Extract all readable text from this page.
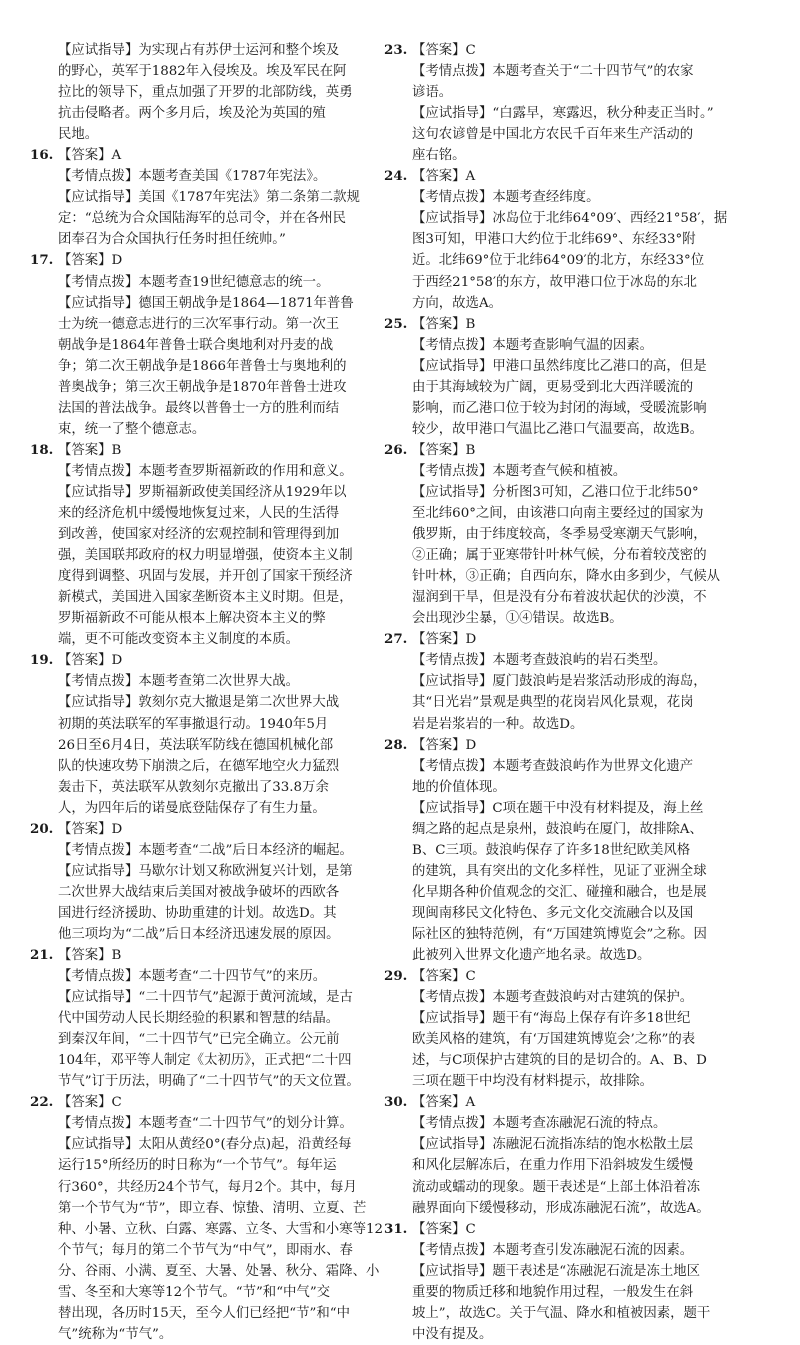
【应试指导】为实现占有苏伊士运河和整个埃及
的野心，英军于1882年入侵埃及。埃及军民在阿
拉比的领导下，重点加强了开罗的北部防线，英勇
抗击侵略者。两个多月后，埃及沦为英国的殖
民地。
16. 【答案】A
【考情点拨】本题考查美国《1787年宪法》。
【应试指导】美国《1787年宪法》第二条第二款规
定：“总统为合众国陆海军的总司令，并在各州民
团奉召为合众国执行任务时担任统帅。”
17. 【答案】D
【考情点拨】本题考查19世纪德意志的统一。
【应试指导】德国王朝战争是1864—1871年普鲁
士为统一德意志进行的三次军事行动。第一次王
朝战争是1864年普鲁士联合奥地利对丹麦的战
争；第二次王朝战争是1866年普鲁士与奥地利的
普奥战争；第三次王朝战争是1870年普鲁士进攻
法国的普法战争。最终以普鲁士一方的胜利而结
束，统一了整个德意志。
18. 【答案】B
【考情点拨】本题考查罗斯福新政的作用和意义。
【应试指导】罗斯福新政使美国经济从1929年以
来的经济危机中缓慢地恢复过来，人民的生活得
到改善，使国家对经济的宏观控制和管理得到加
强，美国联邦政府的权力明显增强，使资本主义制
度得到调整、巩固与发展，并开创了国家干预经济
新模式，美国进入国家垄断资本主义时期。但是，
罗斯福新政不可能从根本上解决资本主义的弊
端，更不可能改变资本主义制度的本质。
19. 【答案】D
【考情点拨】本题考查第二次世界大战。
【应试指导】敦刻尔克大撤退是第二次世界大战
初期的英法联军的军事撤退行动。1940年5月
26日至6月4日，英法联军防线在德国机械化部
队的快速攻势下崩溃之后，在德军地空火力猛烈
轰击下，英法联军从敦刻尔克撤出了33.8万余
人，为四年后的诺曼底登陆保存了有生力量。
20. 【答案】D
【考情点拨】本题考查“二战”后日本经济的崛起。
【应试指导】马歇尔计划又称欧洲复兴计划，是第
二次世界大战结束后美国对被战争破坏的西欧各
国进行经济援助、协助重建的计划。故选D。其
他三项均为“二战”后日本经济迅速发展的原因。
21. 【答案】B
【考情点拨】本题考查“二十四节气”的来历。
【应试指导】“二十四节气”起源于黄河流域，是古
代中国劳动人民长期经验的积累和智慧的结晶。
到秦汉年间，“二十四节气”已完全确立。公元前
104年，邓平等人制定《太初历》，正式把“二十四
节气”订于历法，明确了“二十四节气”的天文位置。
22. 【答案】C
【考情点拨】本题考查“二十四节气”的划分计算。
【应试指导】太阳从黄经0°(春分点)起，沿黄经每
运行15°所经历的时日称为“一个节气”。每年运
行360°，共经历24个节气，每月2个。其中，每月
第一个节气为“节”，即立春、惊蛰、清明、立夏、芒
种、小暑、立秋、白露、寒露、立冬、大雪和小寒等12
个节气；每月的第二个节气为“中气”，即雨水、春
分、谷雨、小满、夏至、大暑、处暑、秋分、霜降、小
雪、冬至和大寒等12个节气。“节”和“中气”交
替出现，各历时15天，至今人们已经把“节”和“中
气”统称为“节气”。
23. 【答案】C
【考情点拨】本题考查关于“二十四节气”的农家
谚语。
【应试指导】“白露早，寒露迟，秋分种麦正当时。”
这句农谚曾是中国北方农民千百年来生产活动的
座右铭。
24. 【答案】A
【考情点拨】本题考查经纬度。
【应试指导】冰岛位于北纬64°09′、西经21°58′，据
图3可知，甲港口大约位于北纬69°、东经33°附
近。北纬69°位于北纬64°09′的北方，东经33°位
于西经21°58′的东方，故甲港口位于冰岛的东北
方向，故选A。
25. 【答案】B
【考情点拨】本题考查影响气温的因素。
【应试指导】甲港口虽然纬度比乙港口的高，但是
由于其海域较为广阔，更易受到北大西洋暖流的
影响，而乙港口位于较为封闭的海域，受暖流影响
较少，故甲港口气温比乙港口气温要高，故选B。
26. 【答案】B
【考情点拨】本题考查气候和植被。
【应试指导】分析图3可知，乙港口位于北纬50°
至北纬60°之间，由该港口向南主要经过的国家为
俄罗斯，由于纬度较高，冬季易受寒潮天气影响，
②正确；属于亚寒带针叶林气候，分布着较茂密的
针叶林，③正确；自西向东，降水由多到少，气候从
湿润到干旱，但是没有分布着波状起伏的沙漠，不
会出现沙尘暴，①④错误。故选B。
27. 【答案】D
【考情点拨】本题考查鼓浪屿的岩石类型。
【应试指导】厦门鼓浪屿是岩浆活动形成的海岛，
其“日光岩”景观是典型的花岗岩风化景观，花岗
岩是岩浆岩的一种。故选D。
28. 【答案】D
【考情点拨】本题考查鼓浪屿作为世界文化遗产
地的价值体现。
【应试指导】C项在题干中没有材料提及，海上丝
绸之路的起点是泉州，鼓浪屿在厦门，故排除A、
B、C三项。鼓浪屿保存了许多18世纪欧美风格
的建筑，具有突出的文化多样性，见证了亚洲全球
化早期各种价值观念的交汇、碰撞和融合，也是展
现闽南移民文化特色、多元文化交流融合以及国
际社区的独特范例，有“万国建筑博览会”之称。因
此被列入世界文化遗产地名录。故选D。
29. 【答案】C
【考情点拨】本题考查鼓浪屿对古建筑的保护。
【应试指导】题干有“海岛上保存有许多18世纪
欧美风格的建筑，有‘万国建筑博览会’之称”的表
述，与C项保护古建筑的目的是切合的。A、B、D
三项在题干中均没有材料提示，故排除。
30. 【答案】A
【考情点拨】本题考查冻融泥石流的特点。
【应试指导】冻融泥石流指冻结的饱水松散土层
和风化层解冻后，在重力作用下沿斜坡发生缓慢
流动或蠕动的现象。题干表述是“上部土体沿着冻
融界面向下缓慢移动，形成冻融泥石流”，故选A。
31. 【答案】C
【考情点拨】本题考查引发冻融泥石流的因素。
【应试指导】题干表述是“冻融泥石流是冻土地区
重要的物质迁移和地貌作用过程，一般发生在斜
坡上”，故选C。关于气温、降水和植被因素，题干
中没有提及。
